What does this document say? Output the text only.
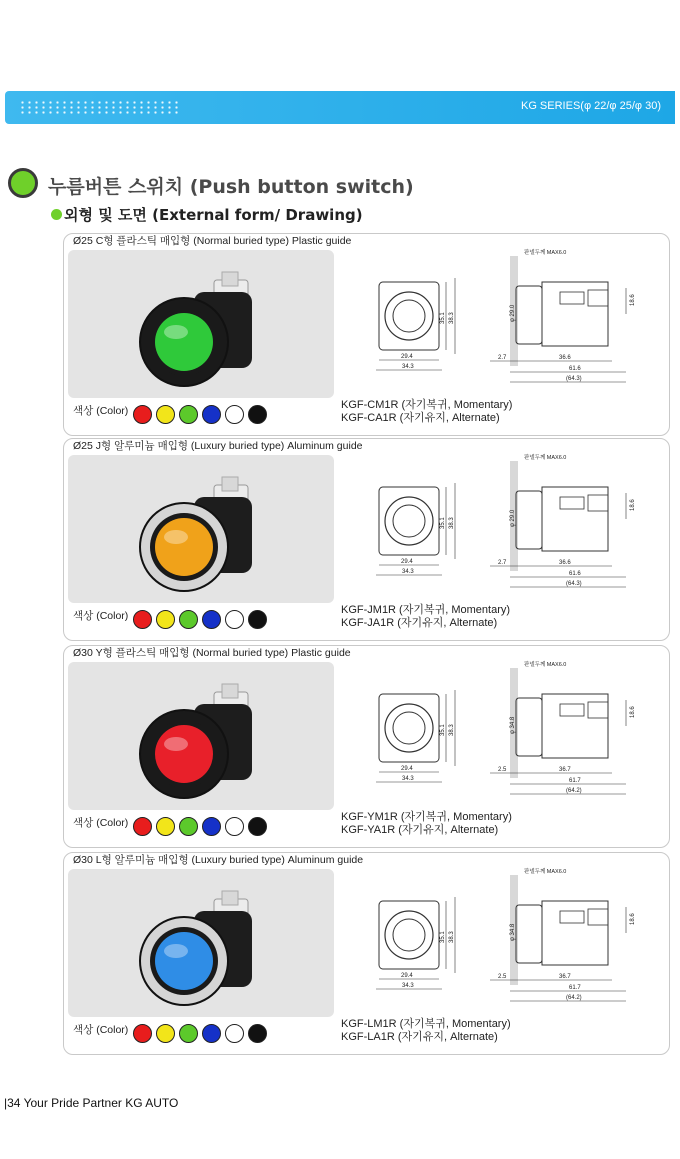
KG SERIES(φ 22/φ 25/φ 30)
누름버튼 스위치 (Push button switch)
외형 및 도면 (External form/ Drawing)
Ø25 C형 플라스틱 매입형 (Normal buried type) Plastic guide
29.4
34.3
35.1 38.3
판넬두께 MAX6.0
φ 29.0
2.7	36.6
61.6
(64.3)
18.6
색상 (Color)	KGF-CM1R (자기복귀, Momentary)
KGF-CA1R (자기유지, Alternate)
Ø25 J형 알루미늄 매입형 (Luxury buried type) Aluminum guide
29.4
34.3
35.1 38.3
판넬두께 MAX6.0
φ 29.0
2.7	36.6
61.6
(64.3)
18.6
색상 (Color)	KGF-JM1R (자기복귀, Momentary)
KGF-JA1R (자기유지, Alternate)
Ø30 Y형 플라스틱 매입형 (Normal buried type) Plastic guide
29.4
34.3
35.1 38.3
판넬두께 MAX6.0
φ 34.8
2.5	36.7
61.7
(64.2)
18.6
색상 (Color)	KGF-YM1R (자기복귀, Momentary)
KGF-YA1R (자기유지, Alternate)
Ø30 L형 알루미늄 매입형 (Luxury buried type) Aluminum guide
29.4
34.3
35.1 38.3
판넬두께 MAX6.0
φ 34.8
2.5	36.7
61.7
(64.2)
18.6
색상 (Color)	KGF-LM1R (자기복귀, Momentary)
KGF-LA1R (자기유지, Alternate)
|34 Your Pride Partner KG AUTO
